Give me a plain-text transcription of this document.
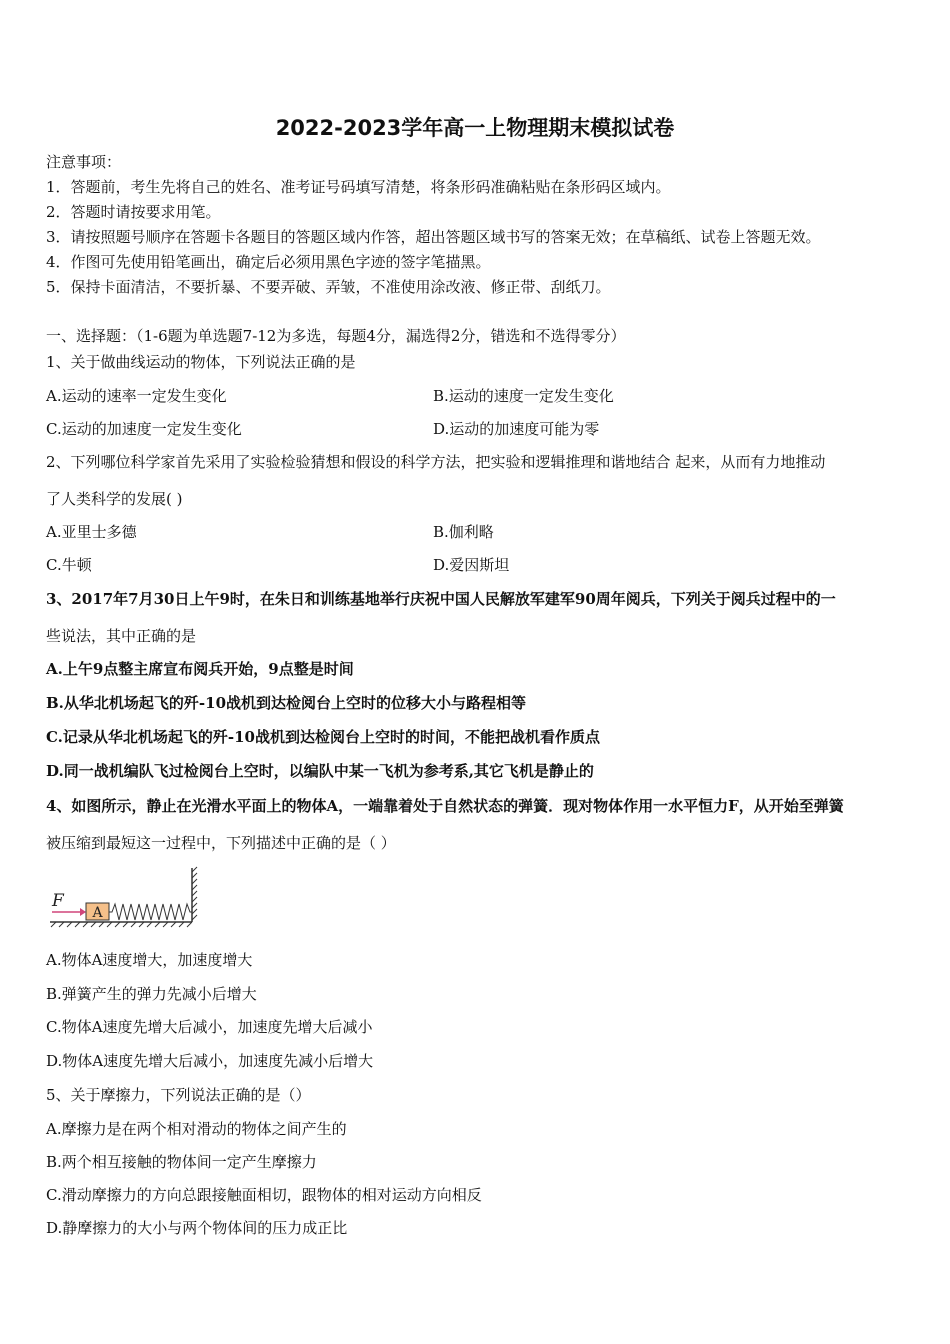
2022-2023学年高一上物理期末模拟试卷
注意事项：
1．答题前，考生先将自己的姓名、准考证号码填写清楚，将条形码准确粘贴在条形码区域内。
2．答题时请按要求用笔。
3．请按照题号顺序在答题卡各题目的答题区域内作答，超出答题区域书写的答案无效；在草稿纸、试卷上答题无效。
4．作图可先使用铅笔画出，确定后必须用黑色字迹的签字笔描黑。
5．保持卡面清洁，不要折暴、不要弄破、弄皱，不准使用涂改液、修正带、刮纸刀。
一、选择题：（1-6题为单选题7-12为多选，每题4分，漏选得2分，错选和不选得零分）
1、关于做曲线运动的物体，下列说法正确的是
A.运动的速率一定发生变化	B.运动的速度一定发生变化
C.运动的加速度一定发生变化	D.运动的加速度可能为零
2、下列哪位科学家首先采用了实验检验猜想和假设的科学方法，把实验和逻辑推理和谐地结合 起来，从而有力地推动
了人类科学的发展( )
A.亚里士多德	B.伽利略
C.牛顿	D.爱因斯坦
3、2017年7月30日上午9时，在朱日和训练基地举行庆祝中国人民解放军建军90周年阅兵，下列关于阅兵过程中的一
些说法，其中正确的是
A.上午9点整主席宣布阅兵开始，9点整是时间
B.从华北机场起飞的歼-10战机到达检阅台上空时的位移大小与路程相等
C.记录从华北机场起飞的歼-10战机到达检阅台上空时的时间，不能把战机看作质点
D.同一战机编队飞过检阅台上空时，以编队中某一飞机为参考系,其它飞机是静止的
4、如图所示，静止在光滑水平面上的物体A，一端靠着处于自然状态的弹簧．现对物体作用一水平恒力F，从开始至弹簧
被压缩到最短这一过程中，下列描述中正确的是（ ）
F
A
A.物体A速度增大，加速度增大
B.弹簧产生的弹力先减小后增大
C.物体A速度先增大后减小，加速度先增大后减小
D.物体A速度先增大后减小，加速度先减小后增大
5、关于摩擦力，下列说法正确的是（）
A.摩擦力是在两个相对滑动的物体之间产生的
B.两个相互接触的物体间一定产生摩擦力
C.滑动摩擦力的方向总跟接触面相切，跟物体的相对运动方向相反
D.静摩擦力的大小与两个物体间的压力成正比
